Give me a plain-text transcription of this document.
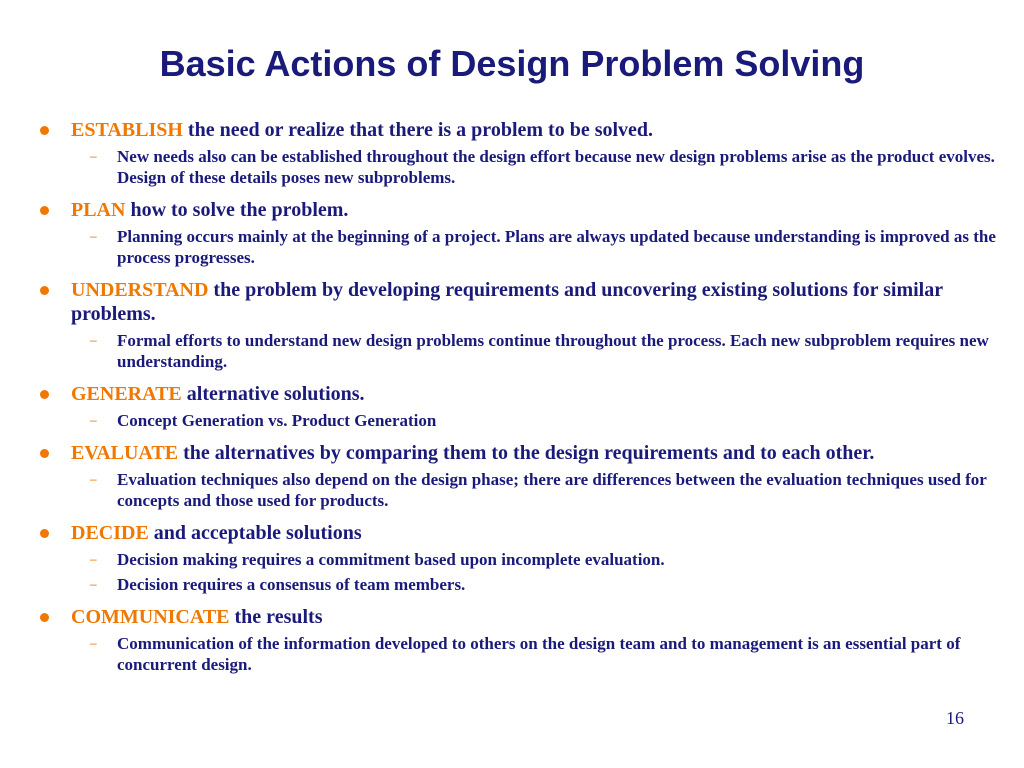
Basic Actions of Design Problem Solving
ESTABLISH the need or realize that there is a problem to be solved.
– New needs also can be established throughout the design effort because new design problems arise as the product evolves. Design of these details poses new subproblems.
PLAN how to solve the problem.
– Planning occurs mainly at the beginning of a project. Plans are always updated because understanding is improved as the process progresses.
UNDERSTAND the problem by developing requirements and uncovering existing solutions for similar problems.
– Formal efforts to understand new design problems continue throughout the process. Each new subproblem requires new understanding.
GENERATE alternative solutions.
– Concept Generation vs. Product Generation
EVALUATE the alternatives by comparing them to the design requirements and to each other.
– Evaluation techniques also depend on the design phase; there are differences between the evaluation techniques used for concepts and those used for products.
DECIDE and acceptable solutions
– Decision making requires a commitment based upon incomplete evaluation.
– Decision requires a consensus of team members.
COMMUNICATE the results
– Communication of the information developed to others on the design team and to management is an essential part of concurrent design.
16
